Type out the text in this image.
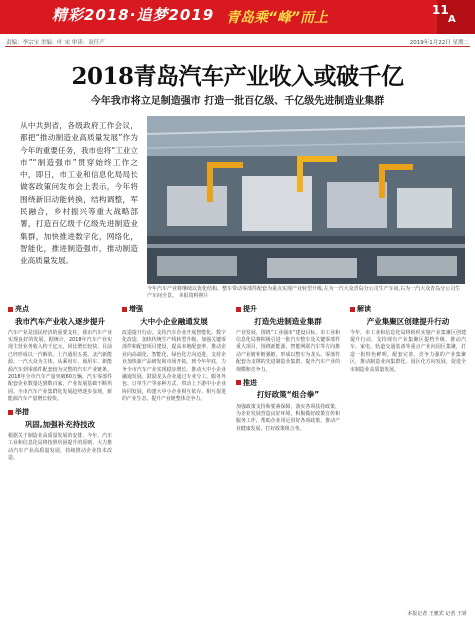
精彩2018·追梦2019 青岛乘“峰”而上	11
A
责编：李宗宝 美编：叶 宋 审读：双任产	2019年1月22日 星期二
2018青岛汽车产业收入或破千亿
今年我市将立足制造强市 打造一批百亿级、千亿级先进制造业集群
从中共到省，各级政府工作会议，都把“推动制造业高质量发展”作为今年的重要任务，我市也将“工业立市”“制造强市”贯穿始终工作之中，即日，市工业和信息化局局长做客政策问发布会上表示，今年将围绕新旧动能转换，结构调整，军民融合，乡村振兴等重大战略部署，打造百亿级千亿级先进制造业集群，加快推进数字化，网络化，智能化，推进制造强市，推动制造业高质量发展。
今年汽车产业将继续以优化结构、整车带动零部件配套为重点实现产业转型升级,左为一汽大众青岛分公司生产车间,右为一汽大众青岛分公司生产车间全景。 本报资料照片
亮点
我市汽车产业收入逐步提升
汽车产业是国民经济的重要支柱，我市汽车产业实现良好的发展。据统计，2018年汽车产业实现主营业务收入约千亿元，同比增长较快。目前已经形成以一汽解放、上汽通用五菱、北汽新能源、一汽大众为主体，从乘用车、商用车、新能源汽车到零部件配套较为完整的汽车产业链条。2018年全市汽车产量突破60万辆，汽车零部件配套企业数量达到数百家，产业发展基础不断巩固。全市汽车产业集群化发展趋势逐步显现，新能源汽车产量增长较快。
举措
巩固,加强补充持技改
根据关于制造业高质量发展的安排，今年，汽车工业和信息化局将按照巩固提升的原则，大力推动汽车产业高质量发展，持续推动企业技术改造。
增强
大中小企业融通发展
改造提升行动。支持汽车企业开展智能化、数字化改造，加快传统生产线转型升级。加强关键零部件和配套项目建设，提高本地配套率，推动企业向高端化、智能化、绿色化方向迈进，支持企业加快新产品研发和市场开拓。到今年年底，力争全市汽车产业实现稳步增长。推动大中小企业融通发展，鼓励龙头企业通过专业分工、服务外包、订单生产等多种方式，带动上下游中小企业协同发展，构建大中小企业相互依存、相互促进的产业生态，提升产业链整体竞争力。
提升
打造先进制造业集群
产业发展，围绕“工业强市”建设目标，市工业和信息化局将积极引进一批汽车整车及关键零部件重大项目，围绕新能源、智能网联汽车等方向推动产业链补链强链，形成以整车为龙头、零部件配套为支撑的先进制造业集群，提升汽车产业的规模和竞争力。
推进
打好政策“组合拳”
加强政策支持和要素保障，落实各项扶持政策，为企业发展营造良好环境，积极做好政策宣传和服务工作，帮助企业用足用好各项政策，推动产业健康发展，打好政策组合拳。
解读
产业集聚区创建提升行动
今年，市工业和信息化局将组织实施产业集聚区创建提升行动，支持现有产业集聚区提档升级，推动汽车、家电、轨道交通装备等重点产业向园区集聚，打造一批特色鲜明、配套完善、竞争力强的产业集聚区，推动制造业向集群化、园区化方向发展，促进全市制造业高质量发展。
本报记者 王雅宾 记者 王妍
